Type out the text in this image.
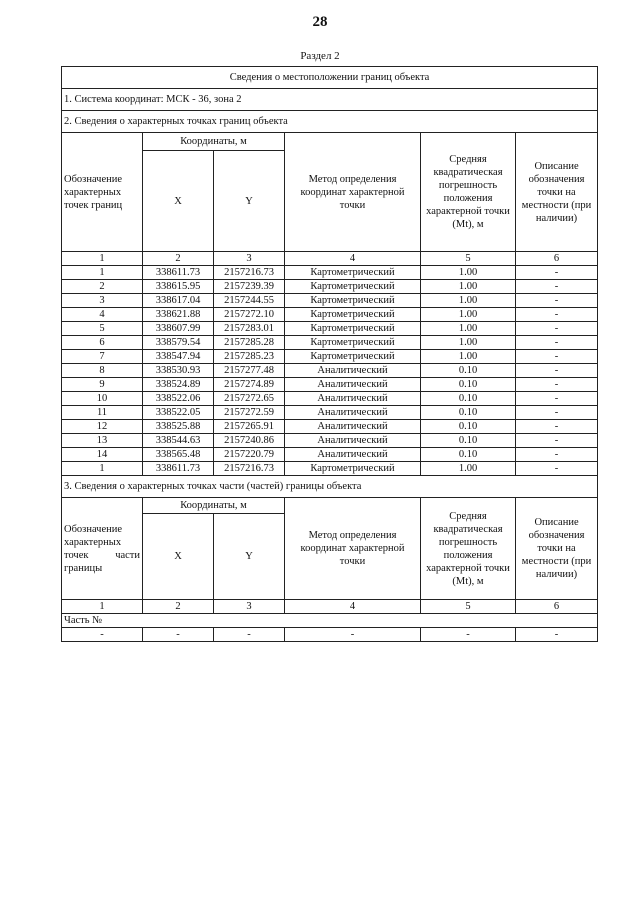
28
Раздел 2
Сведения о местоположении границ объекта					
1. Система координат: МСК - 36, зона 2					
2. Сведения о характерных точках границ объекта					
Обозначение характерных точек границ	Координаты, м		Метод определения координат характерной точки	Средняя квадратическая погрешность положения характерной точки (Mt), м	Описание обозначения точки на местности (при наличии)
	X	Y			
1	2	3	4	5	6
1	338611.73	2157216.73	Картометрический	1.00	-
2	338615.95	2157239.39	Картометрический	1.00	-
3	338617.04	2157244.55	Картометрический	1.00	-
4	338621.88	2157272.10	Картометрический	1.00	-
5	338607.99	2157283.01	Картометрический	1.00	-
6	338579.54	2157285.28	Картометрический	1.00	-
7	338547.94	2157285.23	Картометрический	1.00	-
8	338530.93	2157277.48	Аналитический	0.10	-
9	338524.89	2157274.89	Аналитический	0.10	-
10	338522.06	2157272.65	Аналитический	0.10	-
11	338522.05	2157272.59	Аналитический	0.10	-
12	338525.88	2157265.91	Аналитический	0.10	-
13	338544.63	2157240.86	Аналитический	0.10	-
14	338565.48	2157220.79	Аналитический	0.10	-
1	338611.73	2157216.73	Картометрический	1.00	-
3. Сведения о характерных точках части (частей) границы объекта					
Обозначение характерных точек части границы	Координаты, м		Метод определения координат характерной точки	Средняя квадратическая погрешность положения характерной точки (Mt), м	Описание обозначения точки на местности (при наличии)
	X	Y			
1	2	3	4	5	6
Часть №					
-	-	-	-	-	-
